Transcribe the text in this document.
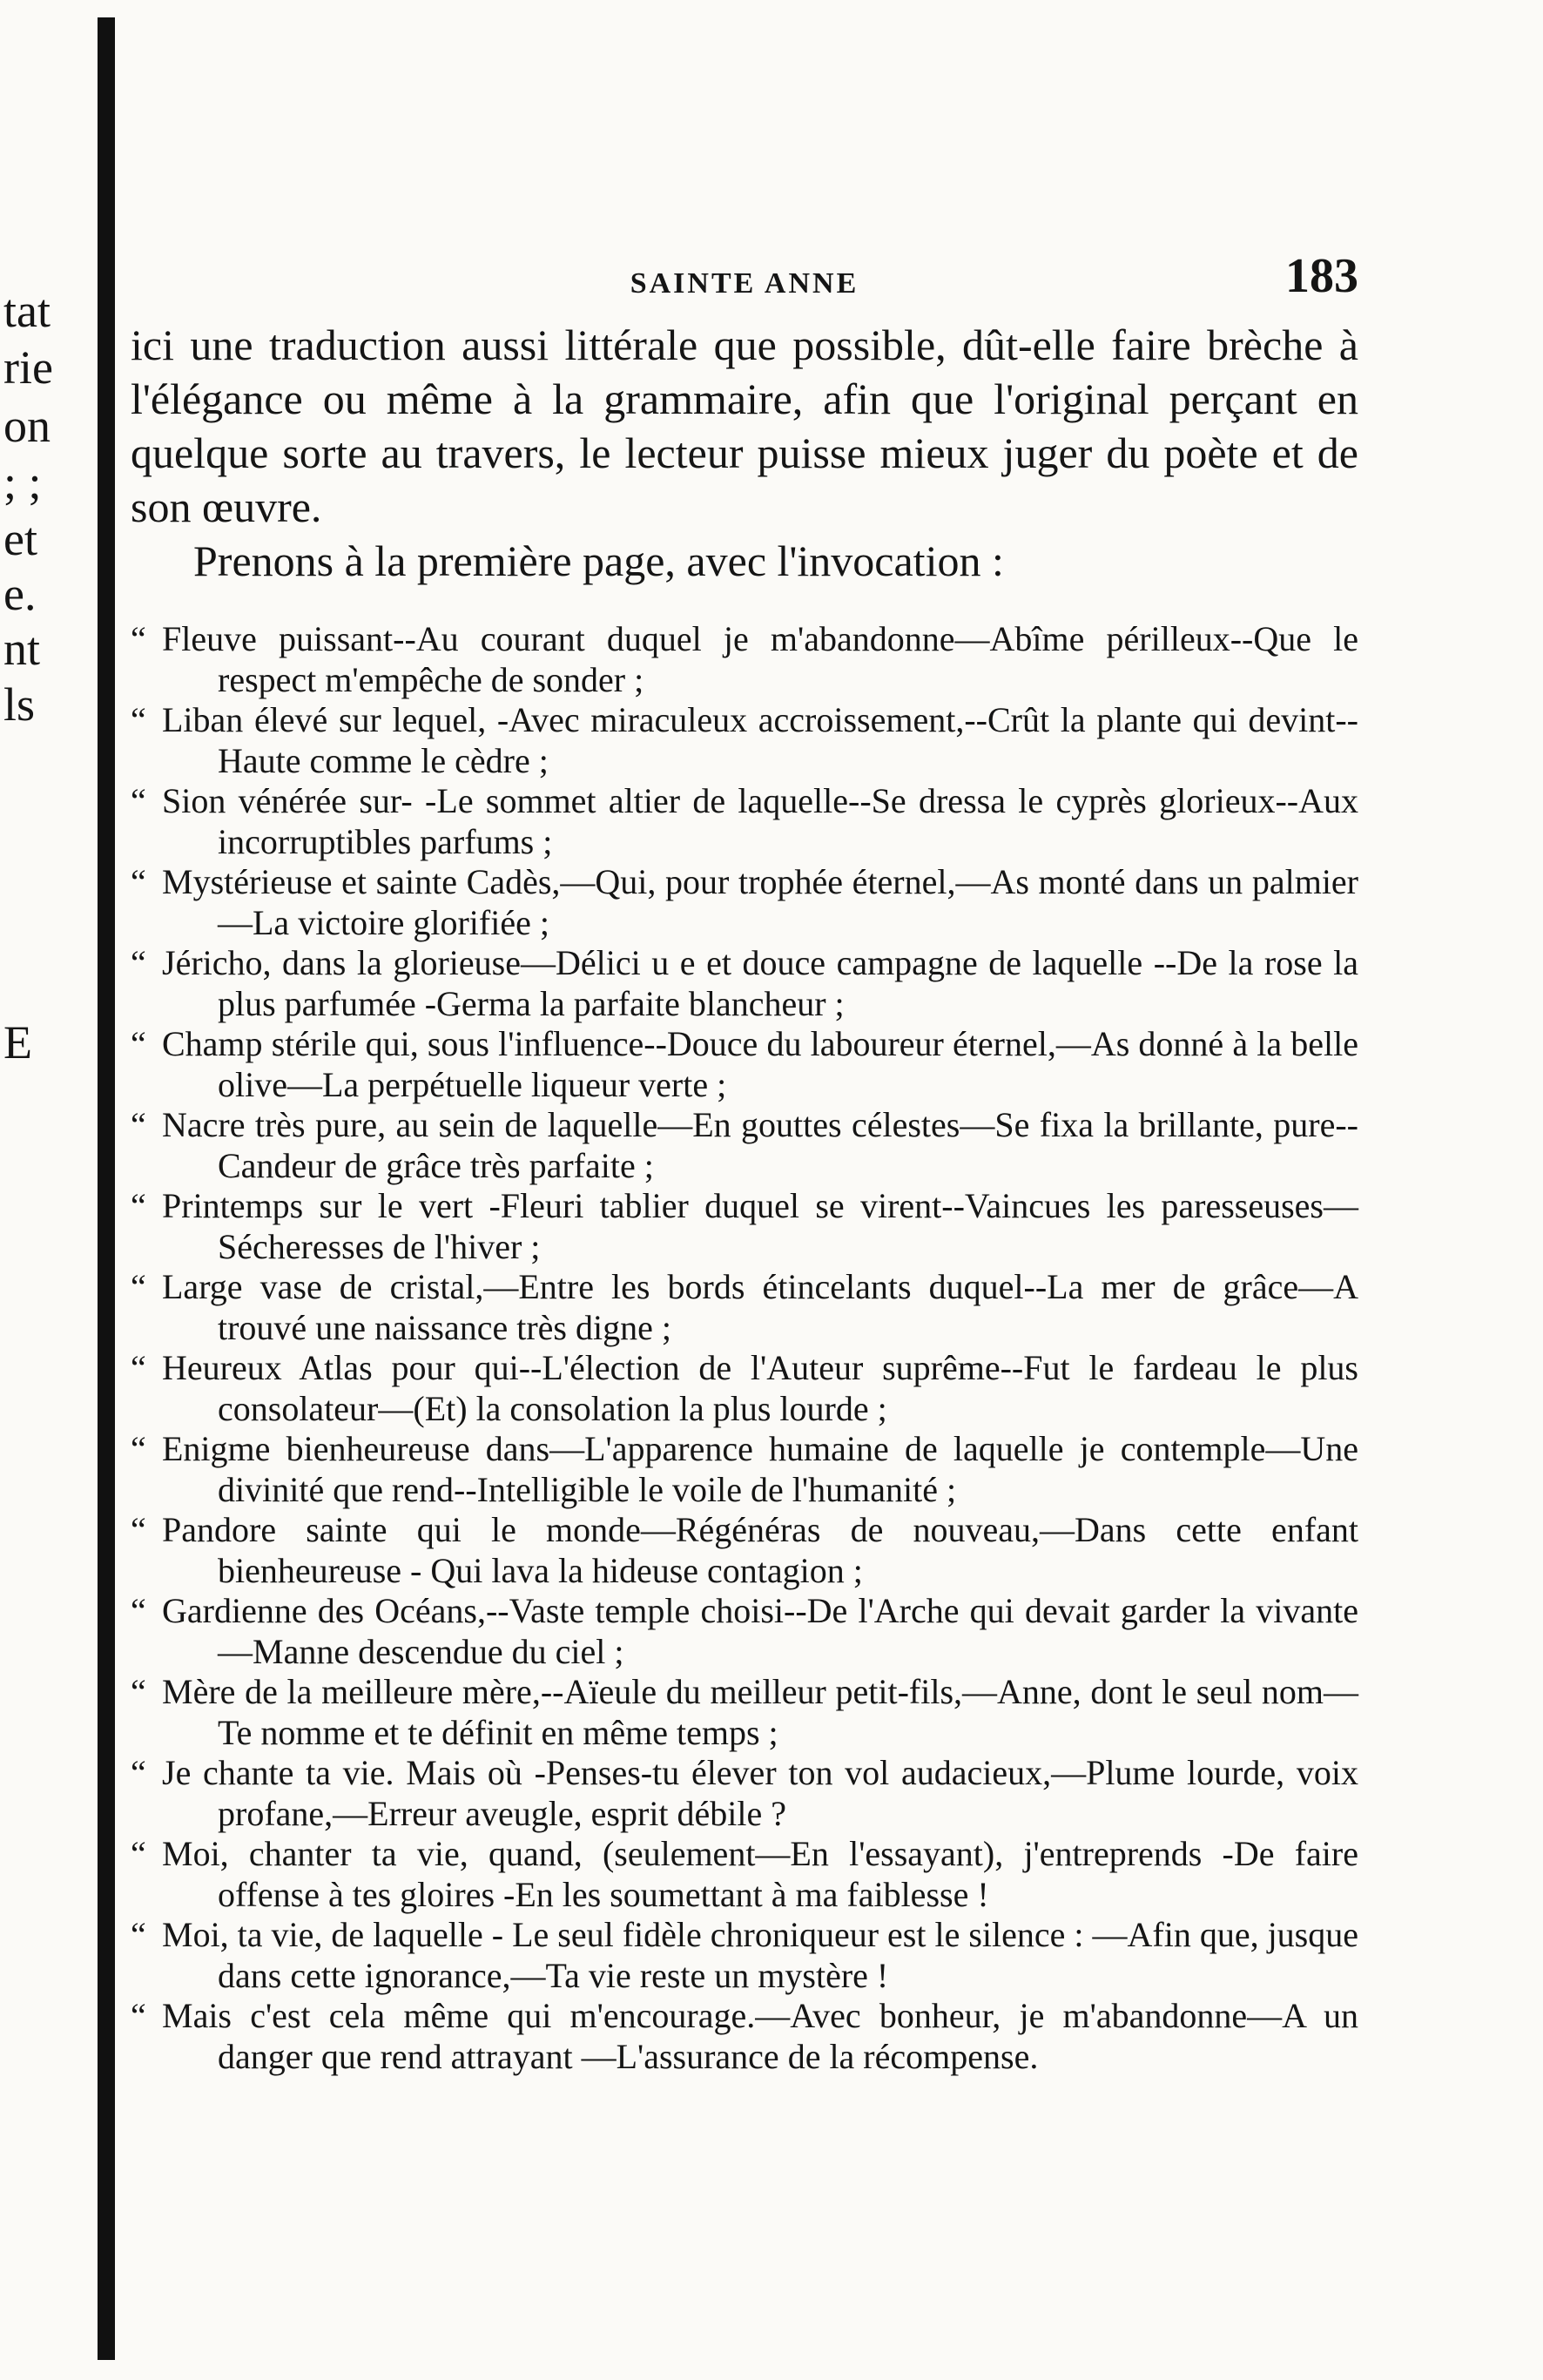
tat
rie
on
; ;
et
e.
nt
ls
E
SAINTE ANNE	183

ici une traduction aussi littérale que possible, dût-elle faire brèche à l'élégance ou même à la grammaire, afin que l'original perçant en quelque sorte au travers, le lecteur puisse mieux juger du poète et de son œuvre.

Prenons à la première page, avec l'invocation :

“ Fleuve puissant--Au courant duquel je m'abandonne—Abîme périlleux--Que le respect m'empêche de sonder ;

“ Liban élevé sur lequel, -Avec miraculeux accroissement,--Crût la plante qui devint--Haute comme le cèdre ;

“ Sion vénérée sur- -Le sommet altier de laquelle--Se dressa le cyprès glorieux--Aux incorruptibles parfums ;

“ Mystérieuse et sainte Cadès,—Qui, pour trophée éternel,—As monté dans un palmier—La victoire glorifiée ;

“ Jéricho, dans la glorieuse—Délici u e et douce campagne de laquelle --De la rose la plus parfumée -Germa la parfaite blancheur ;

“ Champ stérile qui, sous l'influence--Douce du laboureur éternel,—As donné à la belle olive—La perpétuelle liqueur verte ;

“ Nacre très pure, au sein de laquelle—En gouttes célestes—Se fixa la brillante, pure--Candeur de grâce très parfaite ;

“ Printemps sur le vert -Fleuri tablier duquel se virent--Vaincues les paresseuses—Sécheresses de l'hiver ;

“ Large vase de cristal,—Entre les bords étincelants duquel--La mer de grâce—A trouvé une naissance très digne ;

“ Heureux Atlas pour qui--L'élection de l'Auteur suprême--Fut le fardeau le plus consolateur—(Et) la consolation la plus lourde ;

“ Enigme bienheureuse dans—L'apparence humaine de laquelle je contemple—Une divinité que rend--Intelligible le voile de l'humanité ;

“ Pandore sainte qui le monde—Régénéras de nouveau,—Dans cette enfant bienheureuse - Qui lava la hideuse contagion ;

“ Gardienne des Océans,--Vaste temple choisi--De l'Arche qui devait garder la vivante —Manne descendue du ciel ;

“ Mère de la meilleure mère,--Aïeule du meilleur petit-fils,—Anne, dont le seul nom—Te nomme et te définit en même temps ;

“ Je chante ta vie. Mais où -Penses-tu élever ton vol audacieux,—Plume lourde, voix profane,—Erreur aveugle, esprit débile ?

“ Moi, chanter ta vie, quand, (seulement—En l'essayant), j'entreprends -De faire offense à tes gloires -En les soumettant à ma faiblesse !

“ Moi, ta vie, de laquelle - Le seul fidèle chroniqueur est le silence : —Afin que, jusque dans cette ignorance,—Ta vie reste un mystère !

“ Mais c'est cela même qui m'encourage.—Avec bonheur, je m'abandonne—A un danger que rend attrayant —L'assurance de la récompense.
